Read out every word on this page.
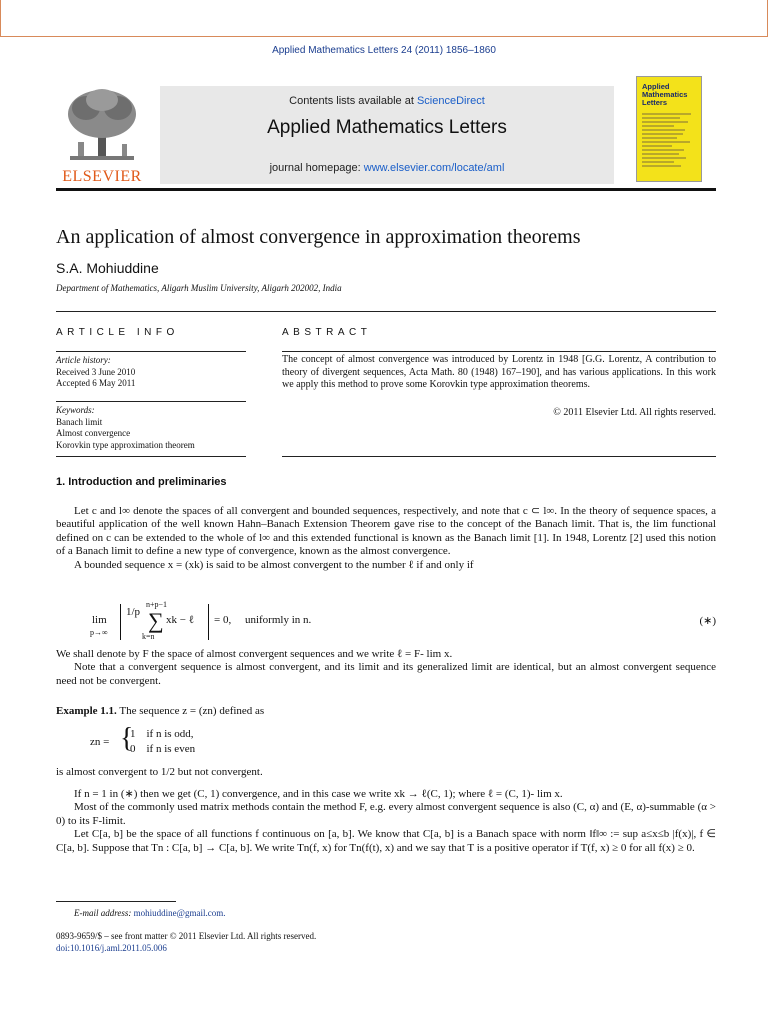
Applied Mathematics Letters 24 (2011) 1856–1860
ELSEVIER
Contents lists available at ScienceDirect
Applied Mathematics Letters
journal homepage: www.elsevier.com/locate/aml
Applied
Mathematics
Letters
An application of almost convergence in approximation theorems
S.A. Mohiuddine
Department of Mathematics, Aligarh Muslim University, Aligarh 202002, India
ARTICLE INFO	ABSTRACT
Article history:
Received 3 June 2010
Accepted 6 May 2011
Keywords:
Banach limit
Almost convergence
Korovkin type approximation theorem
The concept of almost convergence was introduced by Lorentz in 1948 [G.G. Lorentz, A contribution to theory of divergent sequences, Acta Math. 80 (1948) 167–190], and has various applications. In this work we apply this method to prove some Korovkin type approximation theorems.
© 2011 Elsevier Ltd. All rights reserved.
1. Introduction and preliminaries

Let c and l∞ denote the spaces of all convergent and bounded sequences, respectively, and note that c ⊂ l∞. In the theory of sequence spaces, a beautiful application of the well known Hahn–Banach Extension Theorem gave rise to the concept of the Banach limit. That is, the lim functional defined on c can be extended to the whole of l∞ and this extended functional is known as the Banach limit [1]. In 1948, Lorentz [2] used this notion of a Banach limit to define a new type of convergence, known as the almost convergence.

A bounded sequence x = (xk) is said to be almost convergent to the number ℓ if and only if

lim
p→∞
1/p
n+p−1
∑
k=n
xk − ℓ = 0,     uniformly in n.	(∗)

We shall denote by F the space of almost convergent sequences and we write ℓ = F- lim x.

Note that a convergent sequence is almost convergent, and its limit and its generalized limit are identical, but an almost convergent sequence need not be convergent.

Example 1.1. The sequence z = (zn) defined as

zn = {
1    if n is odd,
0    if n is even

is almost convergent to 1/2 but not convergent.

If n = 1 in (∗) then we get (C, 1) convergence, and in this case we write xk → ℓ(C, 1); where ℓ = (C, 1)- lim x.

Most of the commonly used matrix methods contain the method F, e.g. every almost convergent sequence is also (C, α) and (E, α)-summable (α > 0) to its F-limit.

Let C[a, b] be the space of all functions f continuous on [a, b]. We know that C[a, b] is a Banach space with norm ‖f‖∞ := sup a≤x≤b |f(x)|, f ∈ C[a, b]. Suppose that Tn : C[a, b] → C[a, b]. We write Tn(f, x) for Tn(f(t), x) and we say that T is a positive operator if T(f, x) ≥ 0 for all f(x) ≥ 0.

E-mail address: mohiuddine@gmail.com.
0893-9659/$ – see front matter © 2011 Elsevier Ltd. All rights reserved.
doi:10.1016/j.aml.2011.05.006
